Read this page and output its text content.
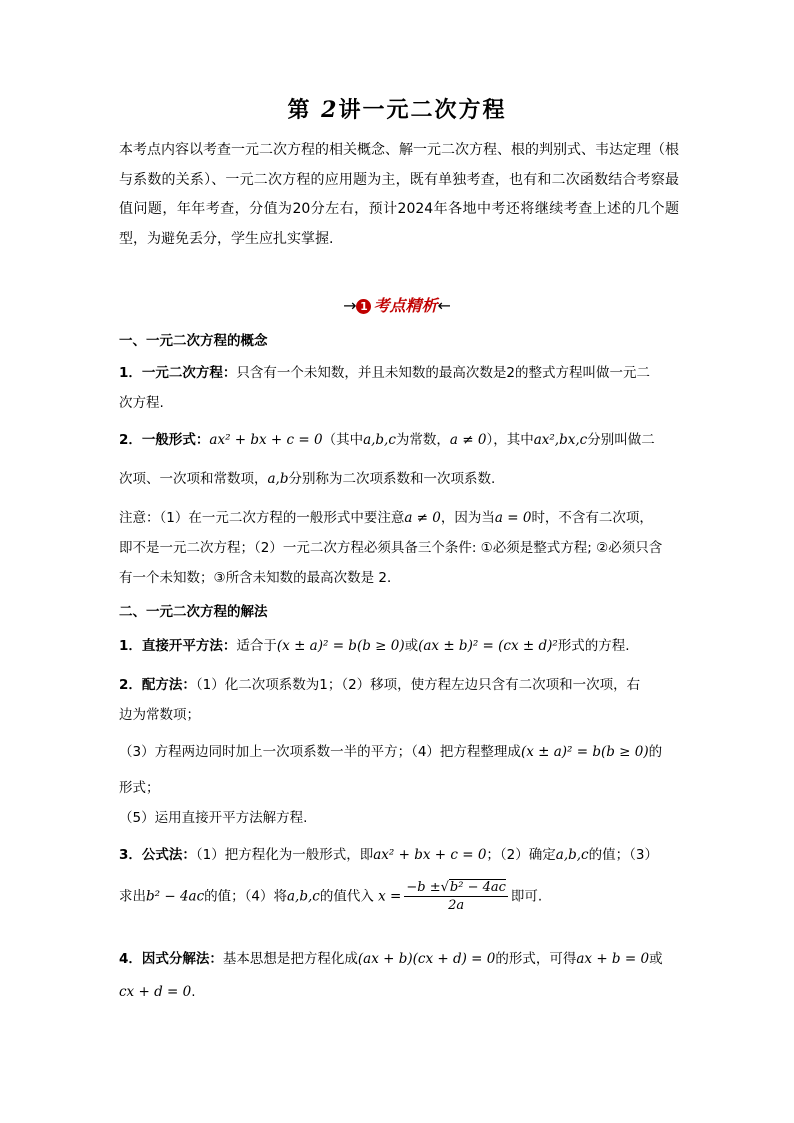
第 2讲一元二次方程
本考点内容以考查一元二次方程的相关概念、解一元二次方程、根的判别式、韦达定理（根与系数的关系）、一元二次方程的应用题为主，既有单独考查，也有和二次函数结合考察最值问题，年年考查，分值为20分左右，预计2024年各地中考还将继续考查上述的几个题型，为避免丢分，学生应扎实掌握.
→ 1 考点精析←
一、一元二次方程的概念
1．一元二次方程：只含有一个未知数，并且未知数的最高次数是2的整式方程叫做一元二
次方程.
2．一般形式：ax² + bx + c = 0（其中a,b,c为常数，a ≠ 0），其中ax²,bx,c分别叫做二
次项、一次项和常数项，a,b分别称为二次项系数和一次项系数.
注意：（1）在一元二次方程的一般形式中要注意a ≠ 0，因为当a = 0时，不含有二次项，
即不是一元二次方程；（2）一元二次方程必须具备三个条件: ①必须是整式方程; ②必须只含
有一个未知数；③所含未知数的最高次数是 2．
二、一元二次方程的解法
1．直接开平方法：适合于(x ± a)² = b(b ≥ 0)或(ax ± b)² = (cx ± d)²形式的方程.
2．配方法：（1）化二次项系数为1；（2）移项，使方程左边只含有二次项和一次项，右
边为常数项；
（3）方程两边同时加上一次项系数一半的平方；（4）把方程整理成(x ± a)² = b(b ≥ 0)的
形式；
（5）运用直接开平方法解方程.
3．公式法：（1）把方程化为一般形式，即ax² + bx + c = 0；（2）确定a,b,c的值；（3）
求出b² − 4ac的值；（4）将a,b,c的值代入 $x = \frac{\text{−b ±√b² − 4ac}}{2a}$ 即可.
4．因式分解法：基本思想是把方程化成(ax + b)(cx + d) = 0的形式，可得ax + b = 0或
cx + d = 0.
